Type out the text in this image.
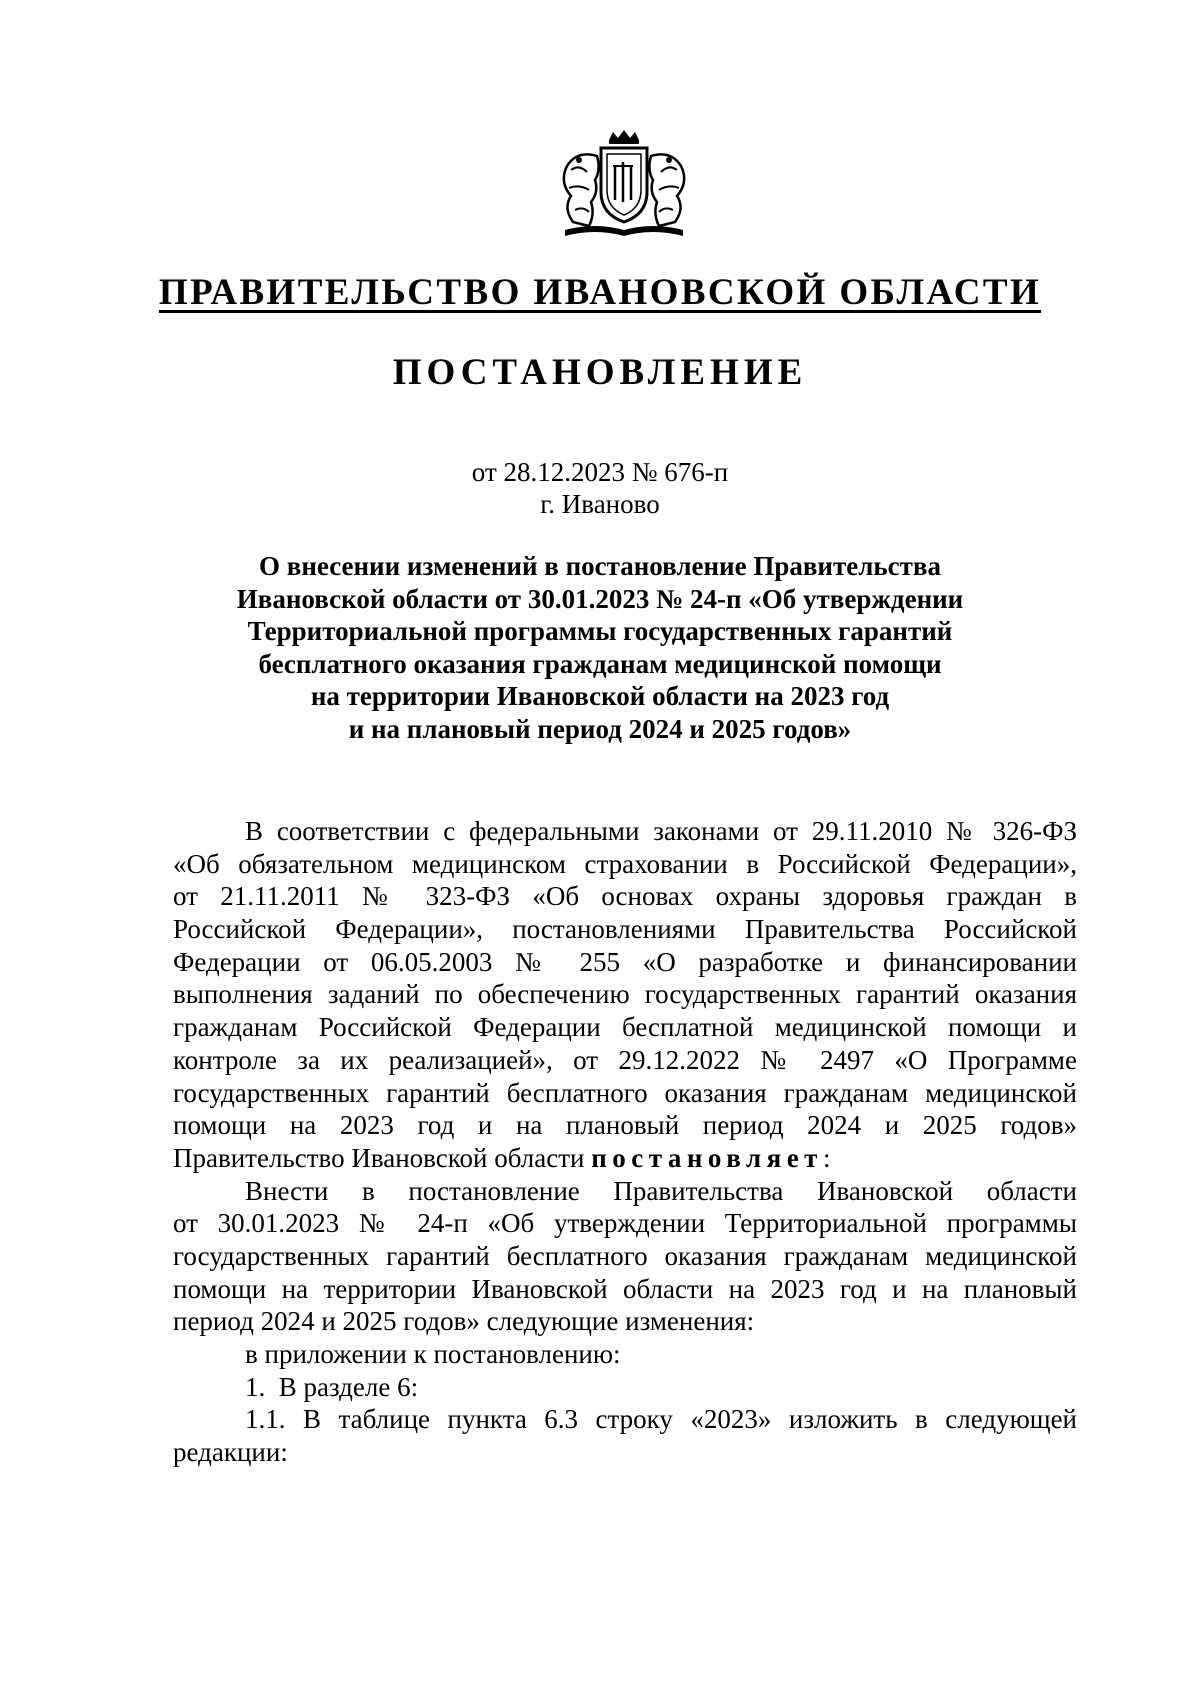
ПРАВИТЕЛЬСТВО ИВАНОВСКОЙ ОБЛАСТИ
ПОСТАНОВЛЕНИЕ
от 28.12.2023 № 676-п
г. Иваново
О внесении изменений в постановление Правительства
Ивановской области от 30.01.2023 № 24-п «Об утверждении
Территориальной программы государственных гарантий
бесплатного оказания гражданам медицинской помощи
на территории Ивановской области на 2023 год
и на плановый период 2024 и 2025 годов»
В соответствии с федеральными законами от 29.11.2010 № 326-ФЗ
«Об обязательном медицинском страховании в Российской Федерации»,
от 21.11.2011 № 323-ФЗ «Об основах охраны здоровья граждан в
Российской Федерации», постановлениями Правительства Российской
Федерации от 06.05.2003 № 255 «О разработке и финансировании
выполнения заданий по обеспечению государственных гарантий оказания
гражданам Российской Федерации бесплатной медицинской помощи и
контроле за их реализацией», от 29.12.2022 № 2497 «О Программе
государственных гарантий бесплатного оказания гражданам медицинской
помощи на 2023 год и на плановый период 2024 и 2025 годов»
Правительство Ивановской области постановляет:
Внести в постановление Правительства Ивановской области
от 30.01.2023 № 24-п «Об утверждении Территориальной программы
государственных гарантий бесплатного оказания гражданам медицинской
помощи на территории Ивановской области на 2023 год и на плановый
период 2024 и 2025 годов» следующие изменения:
в приложении к постановлению:
1.  В разделе 6:
1.1. В таблице пункта 6.3 строку «2023» изложить в следующей
редакции:
